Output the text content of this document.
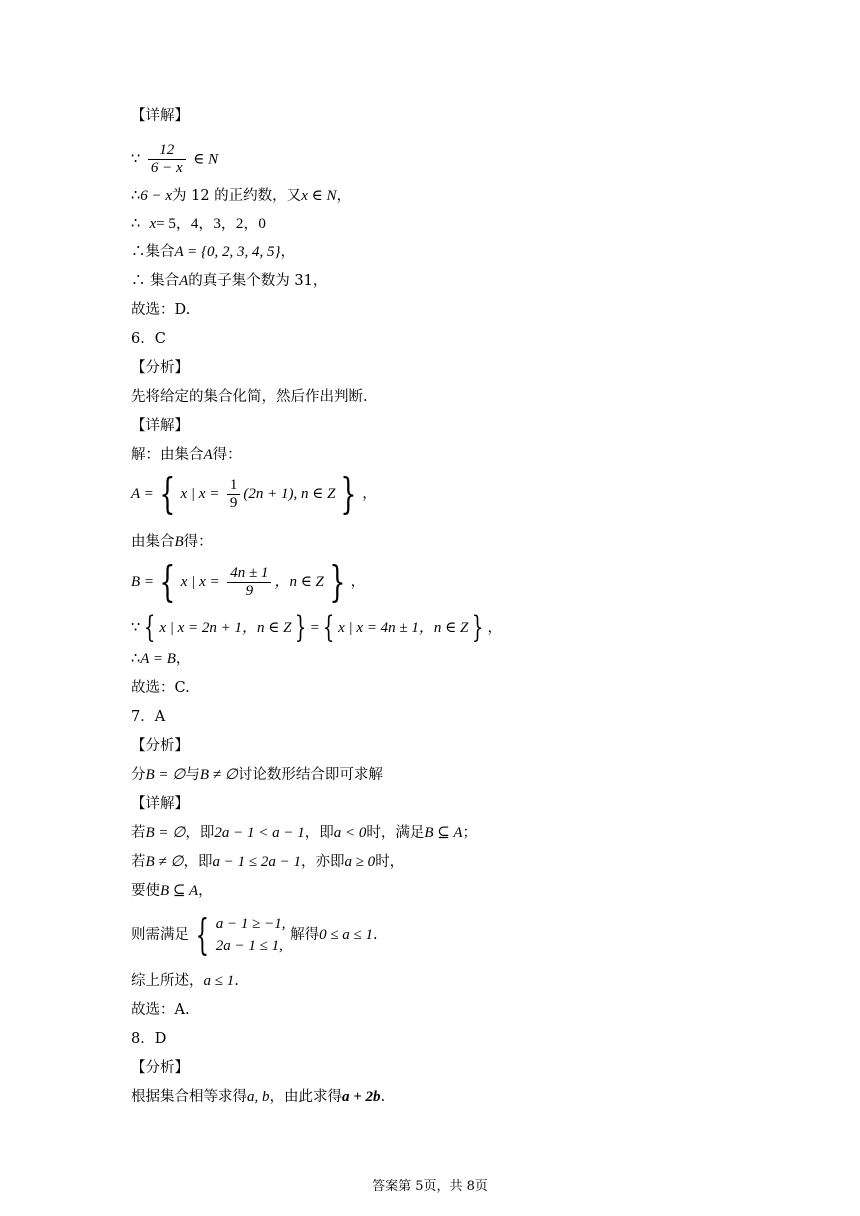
【详解】
∵ $\frac{12}{6 - x}$ ∈ N
∴6 − x为 12 的正约数，又x ∈ N，
∴ x= 5，4，3，2，0
∴集合A = {0, 2, 3, 4, 5}，
∴ 集合A的真子集个数为 31，
故选：D.
6．C
【分析】
先将给定的集合化简，然后作出判断.
【详解】
解：由集合A得：
A = { x | $x = \frac{1}{9} (2n + 1)$, n ∈ Z } ，
由集合B得：
B = { x | $x = \frac{4n \pm 1}{9}$ ，n ∈ Z } ，
∵ { x | x = 2n + 1，n ∈ Z } = { x | x = 4n ± 1，n ∈ Z } ，
∴A = B，
故选：C.
7．A
【分析】
分B = ∅与B ≠ ∅讨论数形结合即可求解
【详解】
若B = ∅，即2a − 1 < a − 1，即a < 0时，满足B ⊆ A；
若B ≠ ∅，即a − 1 ≤ 2a − 1，亦即a ≥ 0时，
要使B ⊆ A，
则需满足 { a − 1 ≥ −1,
2a − 1 ≤ 1,
解得0 ≤ a ≤ 1.
综上所述，a ≤ 1.
故选：A.
8．D
【分析】
根据集合相等求得a, b，由此求得a + 2b.
答案第 5页，共 8页
